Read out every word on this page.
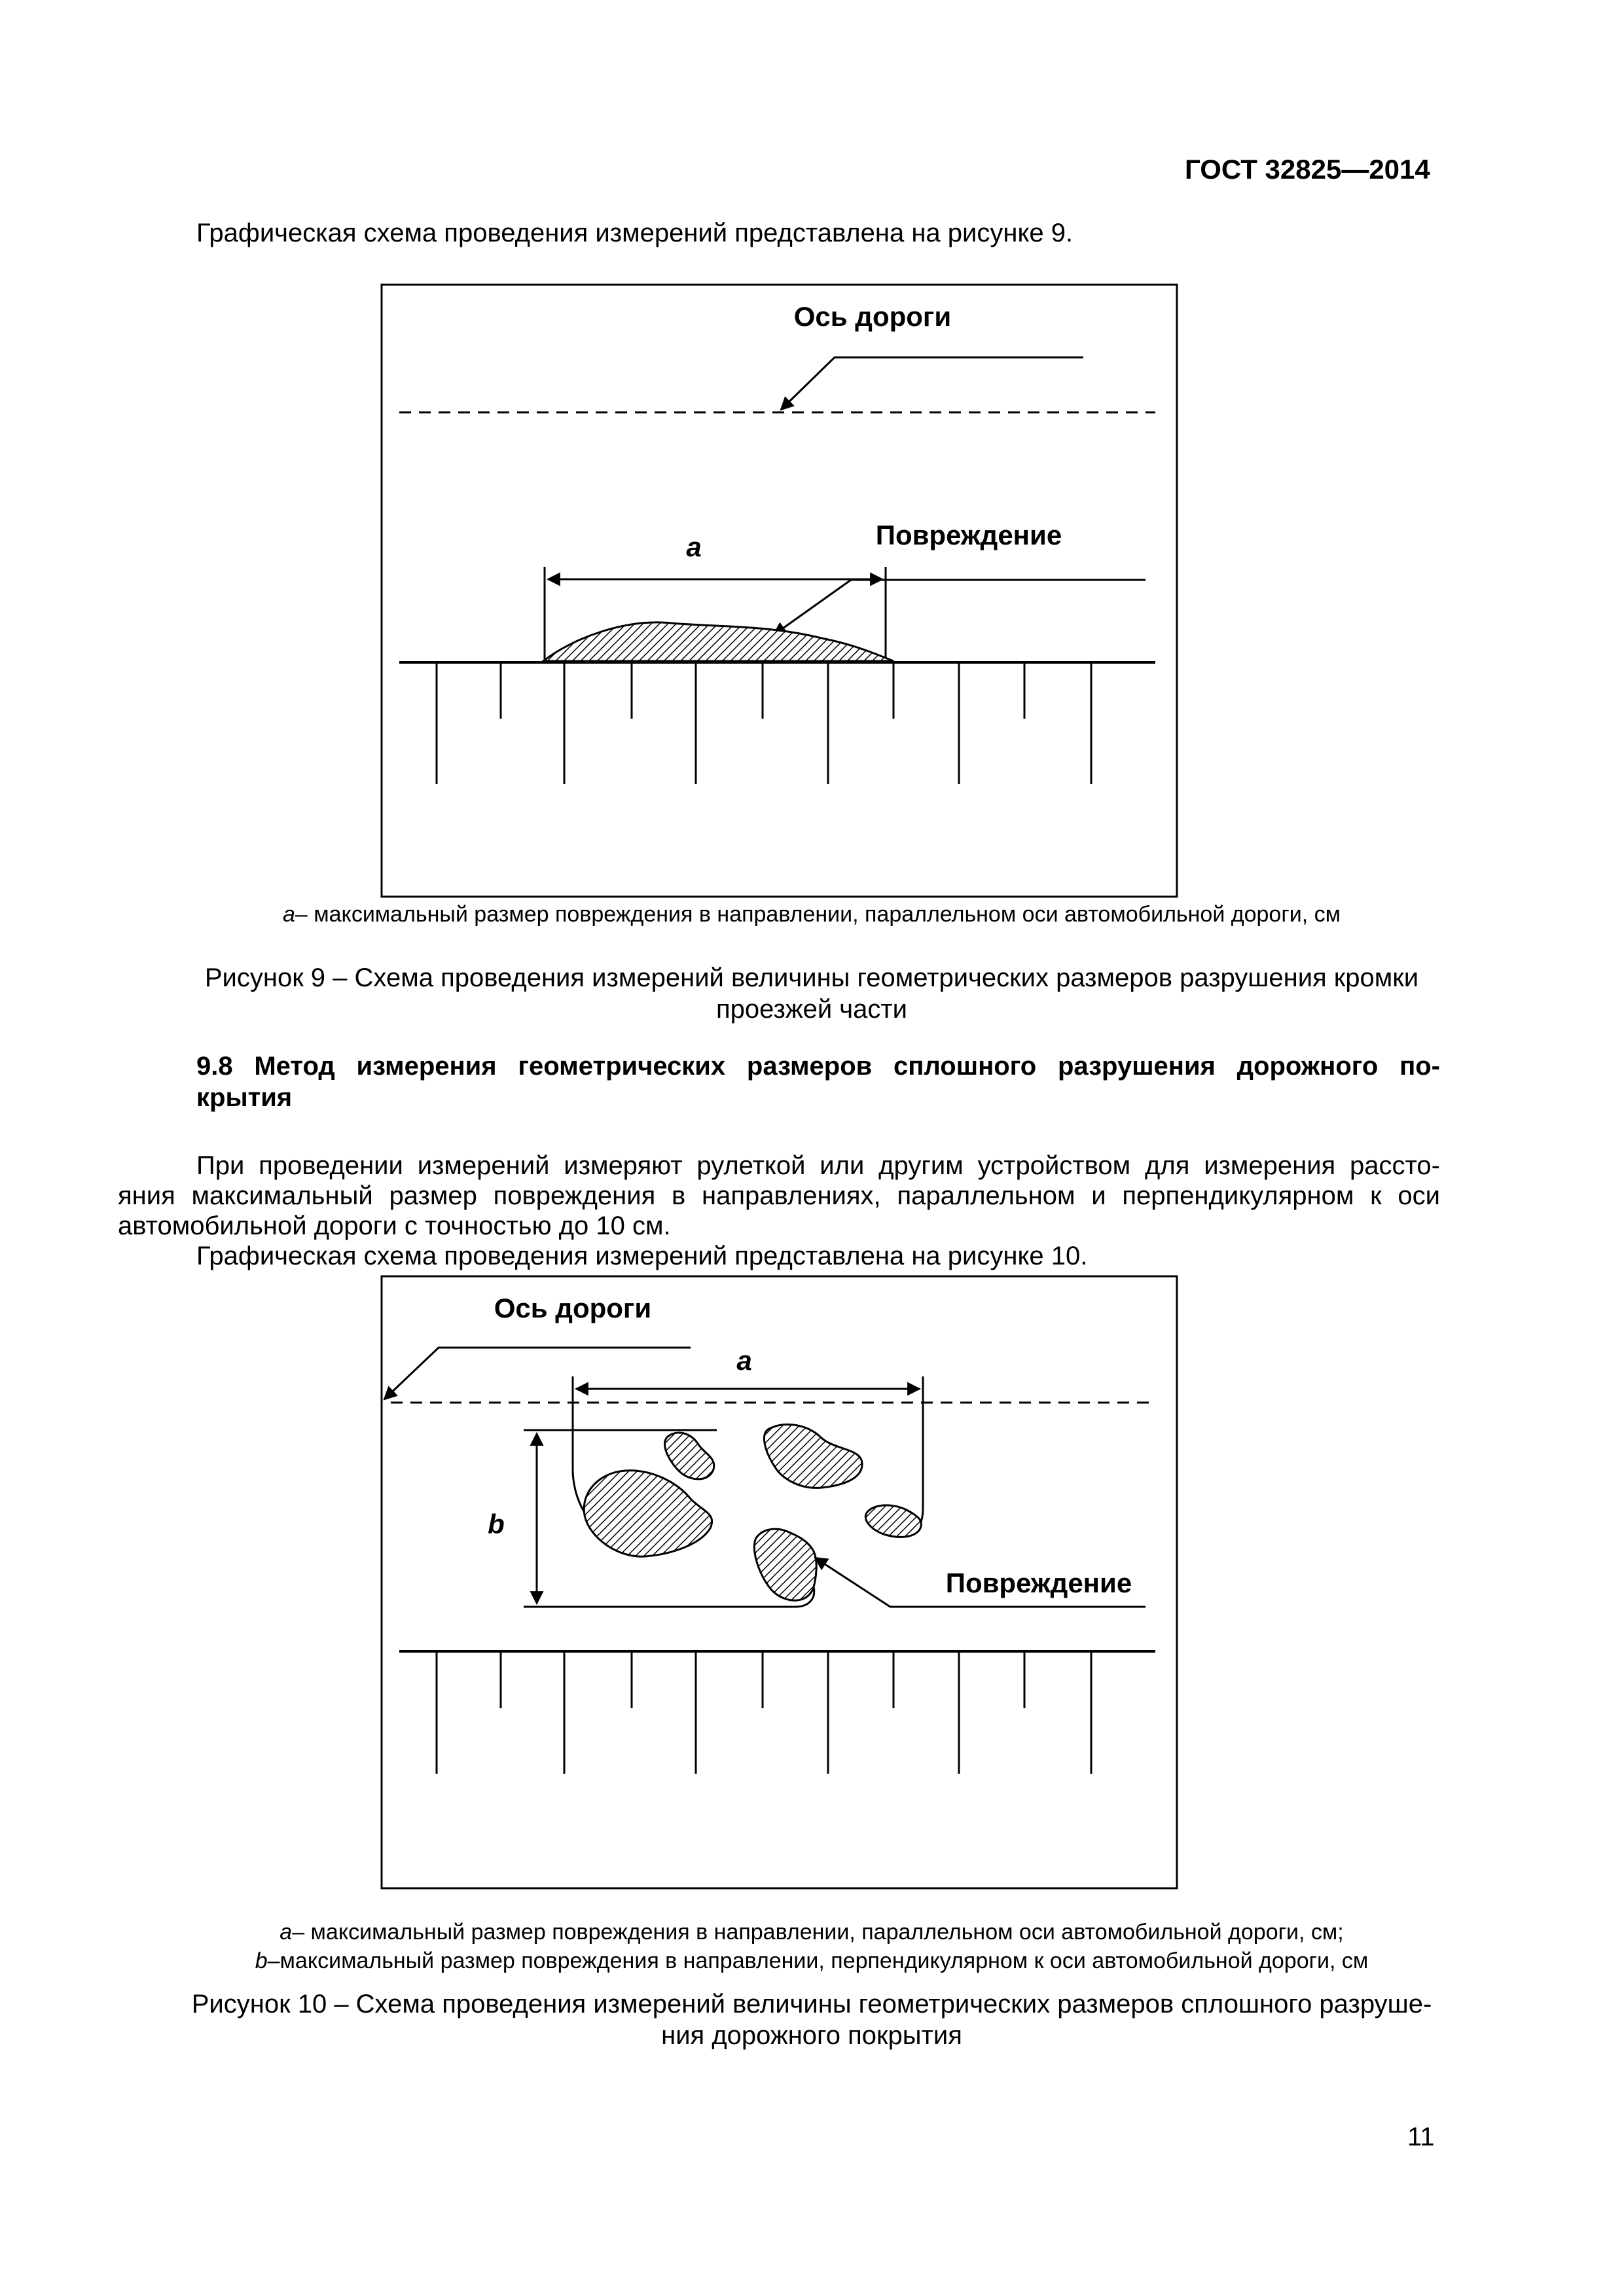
ГОСТ 32825—2014
Графическая схема проведения измерений представлена на рисунке 9.
Ось дороги
Повреждение
a
a– максимальный размер повреждения в направлении, параллельном оси автомобильной дороги, см
Рисунок 9 – Схема проведения измерений величины геометрических размеров разрушения кромки
проезжей части
9.8 Метод измерения геометрических размеров сплошного разрушения дорожного по-
крытия
При проведении измерений измеряют рулеткой или другим устройством для измерения рассто-
яния максимальный размер повреждения в направлениях, параллельном и перпендикулярном к оси
автомобильной дороги с точностью до 10 см.
Графическая схема проведения измерений представлена на рисунке 10.
Ось дороги
a
b
Повреждение
a– максимальный размер повреждения в направлении, параллельном оси автомобильной дороги, см;
b–максимальный размер повреждения в направлении, перпендикулярном к оси автомобильной дороги, см
Рисунок 10 – Схема проведения измерений величины геометрических размеров сплошного разруше-
ния дорожного покрытия
11
